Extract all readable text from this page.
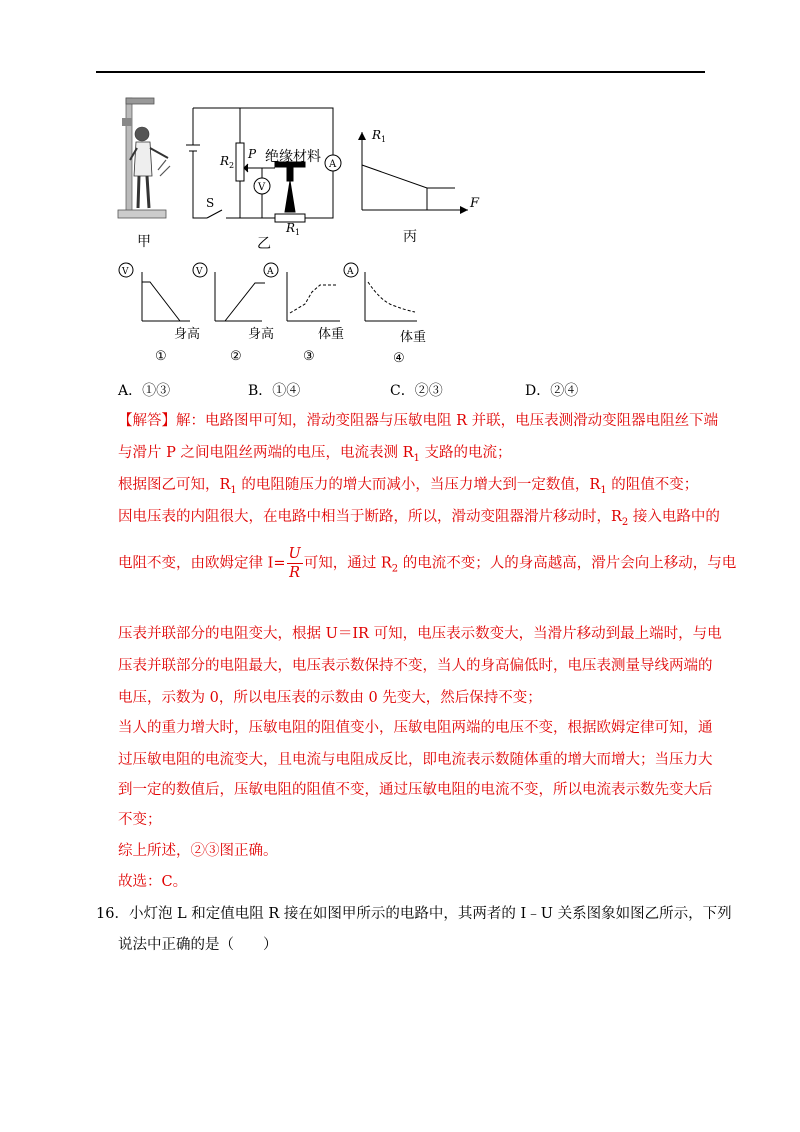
甲
R 2
P 绝缘材料
S
R 1
V
A
乙
R 1
F
丙
V
身高
①
V
身高
②
A
体重
③
A
体重
④
A．①③	B．①④	C．②③	D．②④
【解答】解：电路图甲可知，滑动变阻器与压敏电阻 R 并联，电压表测滑动变阻器电阻丝下端
与滑片 P 之间电阻丝两端的电压，电流表测 $R_1$ 支路的电流；
根据图乙可知，$R_1$ 的电阻随压力的增大而减小，当压力增大到一定数值，$R_1$ 的阻值不变；
因电压表的内阻很大，在电路中相当于断路，所以，滑动变阻器滑片移动时，$R_2$ 接入电路中的
电阻不变，由欧姆定律 $I= \frac{U}{R}$ 可知，通过 $R_2$ 的电流不变；人的身高越高，滑片会向上移动，与电
压表并联部分的电阻变大，根据 U＝IR 可知，电压表示数变大，当滑片移动到最上端时，与电
压表并联部分的电阻最大，电压表示数保持不变，当人的身高偏低时，电压表测量导线两端的
电压，示数为 0，所以电压表的示数由 0 先变大，然后保持不变；
当人的重力增大时，压敏电阻的阻值变小，压敏电阻两端的电压不变，根据欧姆定律可知，通
过压敏电阻的电流变大，且电流与电阻成反比，即电流表示数随体重的增大而增大；当压力大
到一定的数值后，压敏电阻的阻值不变，通过压敏电阻的电流不变，所以电流表示数先变大后
不变；
综上所述，②③图正确。
故选：C。
16．小灯泡 L 和定值电阻 R 接在如图甲所示的电路中，其两者的 I﹣U 关系图象如图乙所示，下列
说法中正确的是（　　）
